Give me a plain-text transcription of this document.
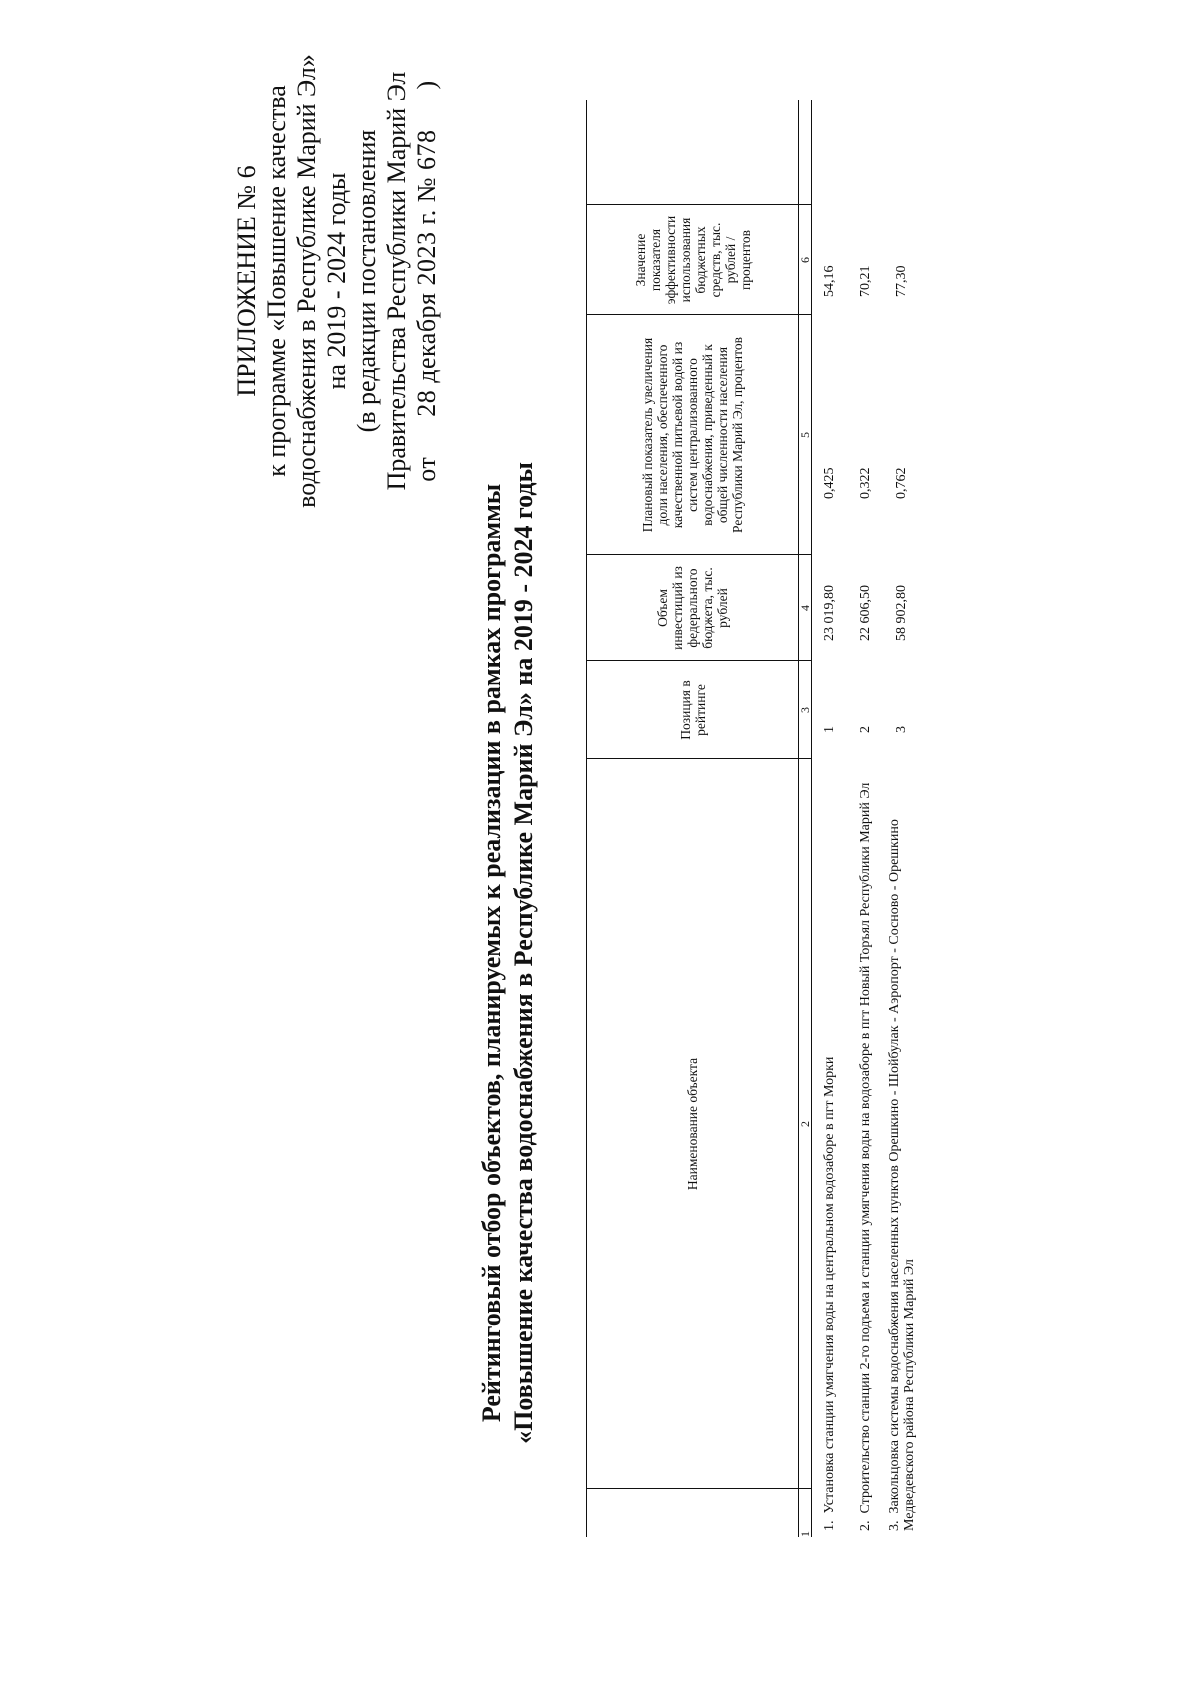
ПРИЛОЖЕНИЕ № 6 к программе «Повышение качества водоснабжения в Республике Марий Эл» на 2019 - 2024 годы (в редакции постановления Правительства Республики Марий Эл от  28 декабря 2023 г. № 678  )
Рейтинговый отбор объектов, планируемых к реализации в рамках программы «Повышение качества водоснабжения в Республике Марий Эл» на 2019 - 2024 годы
		Наименование объекта	Позиция в рейтинге	Объем инвестиций из федерального бюджета, тыс. рублей	Плановый показатель увеличения доли населения, обеспеченного качественной питьевой водой из систем централизованного водоснабжения, приведенный к общей численности населения Республики Марий Эл, процентов	Значение показателя эффективности использования бюджетных средств, тыс. рублей / процентов	
1	2	3	4	5	6	

1.  Установка станции умягчения воды на центральном водозаборе в пгт Морки		1	23 019,80	0,425	54,16	

2.  Строительство станции 2-го подъема и станции умягчения воды на водозаборе в пгт Новый Торъял Республики Марий Эл		2	22 606,50	0,322	70,21	

3.  Закольцовка системы водоснабжения населенных пунктов Орешкино - Шойбулак - Аэропорт - Сосново - Орешкино Медведевского района Республики Марий Эл		3	58 902,80	0,762	77,30	
